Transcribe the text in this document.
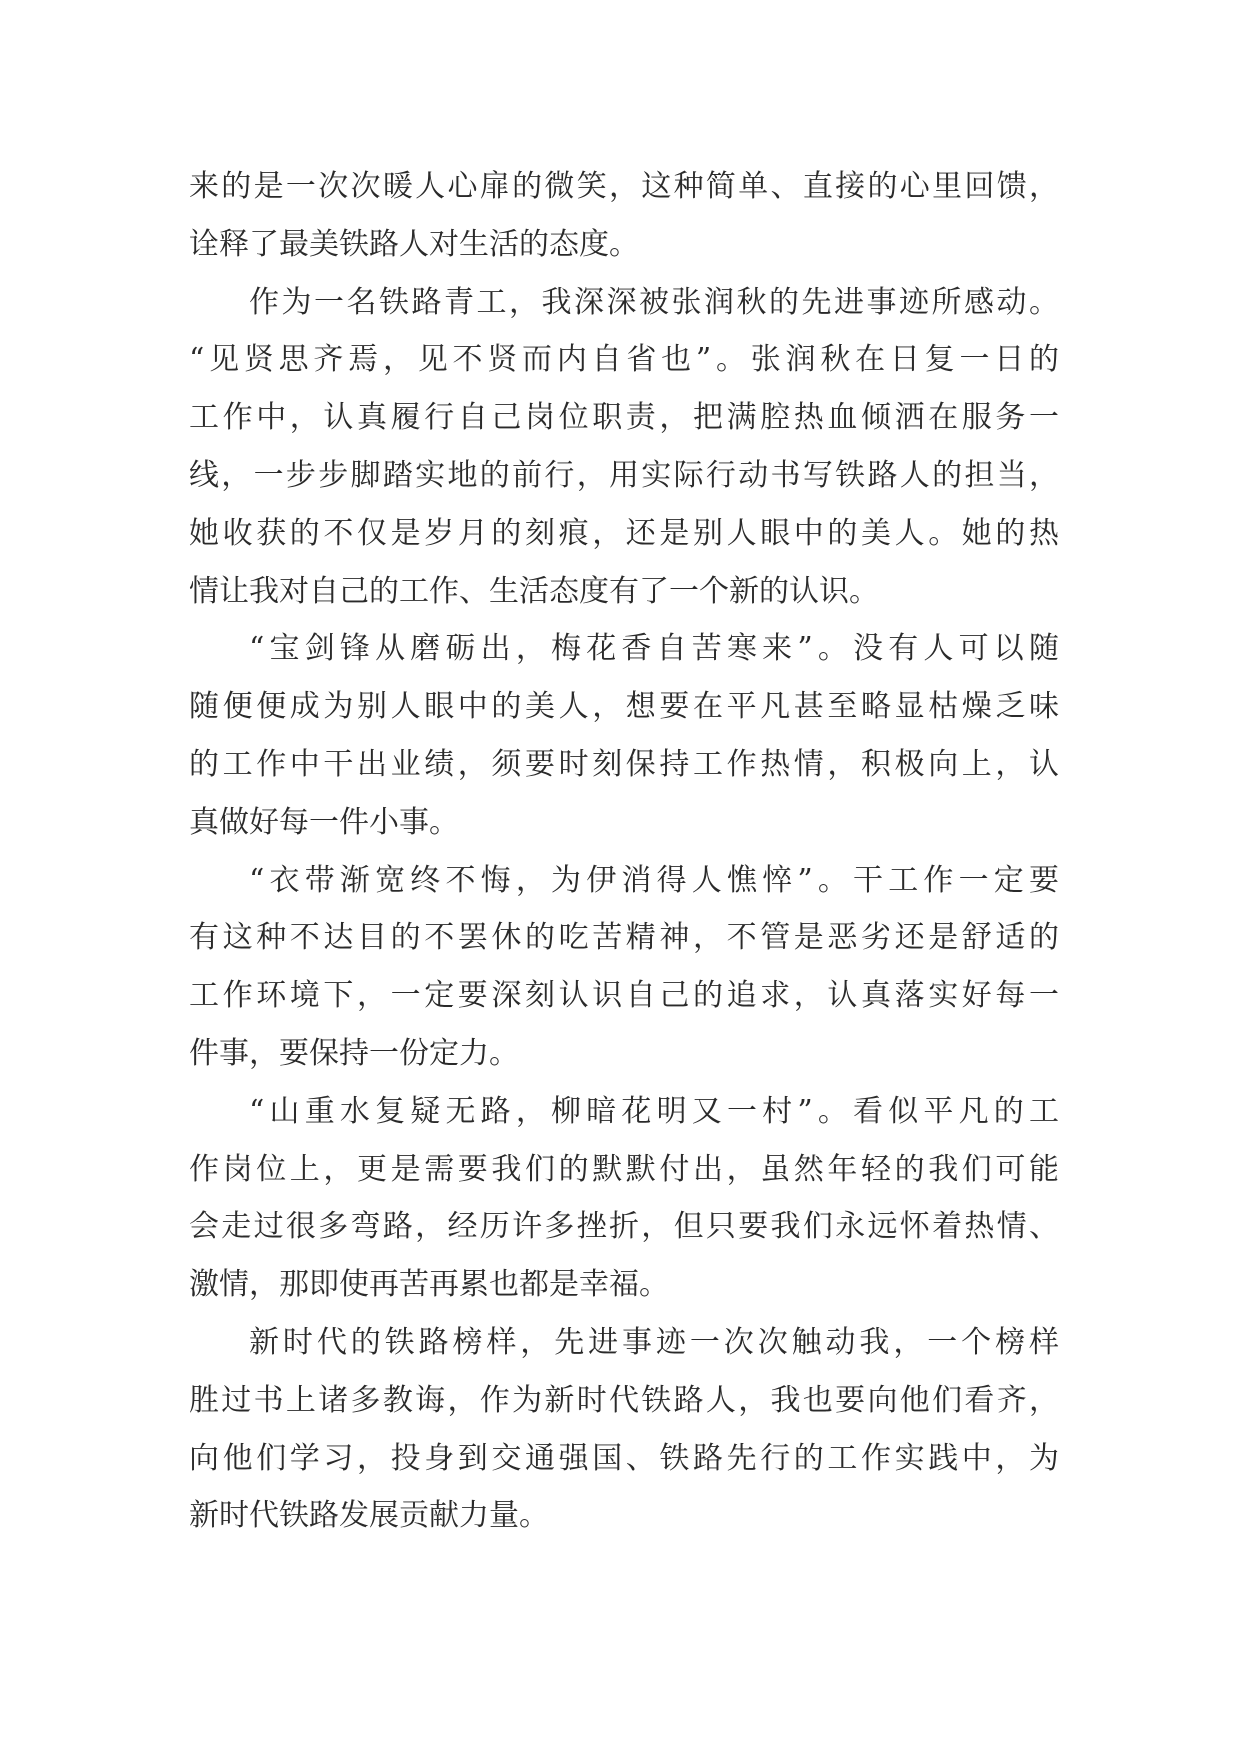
来的是一次次暖人心扉的微笑，这种简单、直接的心里回馈，
诠释了最美铁路人对生活的态度。
作为一名铁路青工，我深深被张润秋的先进事迹所感动。
“见贤思齐焉，见不贤而内自省也”。张润秋在日复一日的
工作中，认真履行自己岗位职责，把满腔热血倾洒在服务一
线，一步步脚踏实地的前行，用实际行动书写铁路人的担当，
她收获的不仅是岁月的刻痕，还是别人眼中的美人。她的热
情让我对自己的工作、生活态度有了一个新的认识。
“宝剑锋从磨砺出，梅花香自苦寒来”。没有人可以随
随便便成为别人眼中的美人，想要在平凡甚至略显枯燥乏味
的工作中干出业绩，须要时刻保持工作热情，积极向上，认
真做好每一件小事。
“衣带渐宽终不悔，为伊消得人憔悴”。干工作一定要
有这种不达目的不罢休的吃苦精神，不管是恶劣还是舒适的
工作环境下，一定要深刻认识自己的追求，认真落实好每一
件事，要保持一份定力。
“山重水复疑无路，柳暗花明又一村”。看似平凡的工
作岗位上，更是需要我们的默默付出，虽然年轻的我们可能
会走过很多弯路，经历许多挫折，但只要我们永远怀着热情、
激情，那即使再苦再累也都是幸福。
新时代的铁路榜样，先进事迹一次次触动我，一个榜样
胜过书上诸多教诲，作为新时代铁路人，我也要向他们看齐，
向他们学习，投身到交通强国、铁路先行的工作实践中，为
新时代铁路发展贡献力量。
